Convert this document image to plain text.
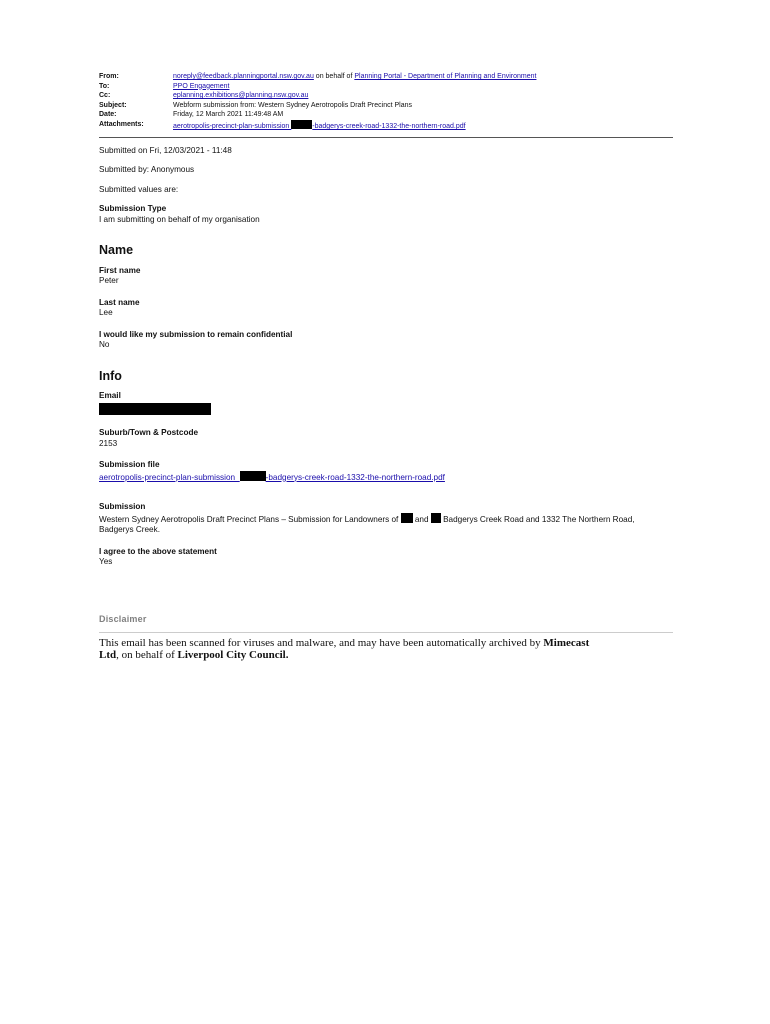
From:	noreply@feedback.planningportal.nsw.gov.au on behalf of Planning Portal - Department of Planning and Environment
To:	PPO Engagement
Cc:	eplanning.exhibitions@planning.nsw.gov.au
Subject:	Webform submission from: Western Sydney Aerotropolis Draft Precinct Plans
Date:	Friday, 12 March 2021 11:49:48 AM
Attachments:	aerotropolis-precinct-plan-submission	-badgerys-creek-road-1332-the-northern-road.pdf
Submitted on Fri, 12/03/2021 - 11:48
Submitted by: Anonymous
Submitted values are:
Submission Type
I am submitting on behalf of my organisation
Name
First name
Peter
Last name
Lee
I would like my submission to remain confidential
No
Info
Email
Suburb/Town & Postcode
2153
Submission file
aerotropolis-precinct-plan-submission_	-badgerys-creek-road-1332-the-northern-road.pdf
Submission
Western Sydney Aerotropolis Draft Precinct Plans – Submission for Landowners of  and  Badgerys Creek Road and 1332 The Northern Road,
Badgerys Creek.
I agree to the above statement
Yes
Disclaimer
This email has been scanned for viruses and malware, and may have been automatically archived by Mimecast Ltd, on behalf of Liverpool City Council.
